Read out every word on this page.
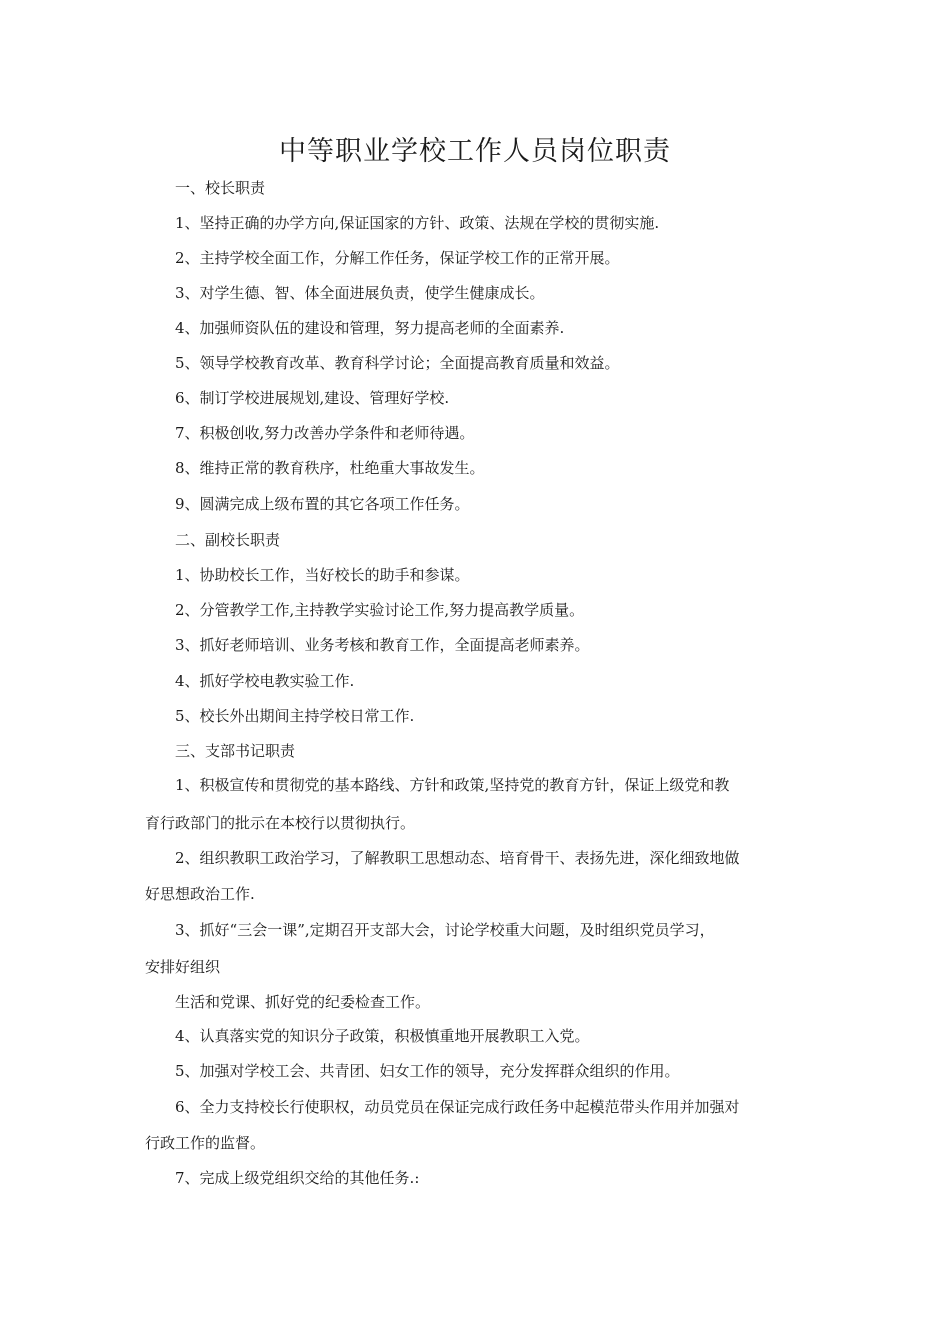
中等职业学校工作人员岗位职责
一、校长职责
1、坚持正确的办学方向,保证国家的方针、政策、法规在学校的贯彻实施.
2、主持学校全面工作，分解工作任务，保证学校工作的正常开展。
3、对学生德、智、体全面进展负责，使学生健康成长。
4、加强师资队伍的建设和管理，努力提高老师的全面素养.
5、领导学校教育改革、教育科学讨论；全面提高教育质量和效益。
6、制订学校进展规划,建设、管理好学校.
7、积极创收,努力改善办学条件和老师待遇。
8、维持正常的教育秩序，杜绝重大事故发生。
9、圆满完成上级布置的其它各项工作任务。
二、副校长职责
1、协助校长工作，当好校长的助手和参谋。
2、分管教学工作,主持教学实验讨论工作,努力提高教学质量。
3、抓好老师培训、业务考核和教育工作，全面提高老师素养。
4、抓好学校电教实验工作.
5、校长外出期间主持学校日常工作.
三、支部书记职责
1、积极宣传和贯彻党的基本路线、方针和政策,坚持党的教育方针，保证上级党和教
育行政部门的批示在本校行以贯彻执行。
2、组织教职工政治学习，了解教职工思想动态、培育骨干、表扬先进，深化细致地做
好思想政治工作.
3、抓好“三会一课”,定期召开支部大会，讨论学校重大问题，及时组织党员学习，
安排好组织
生活和党课、抓好党的纪委检查工作。
4、认真落实党的知识分子政策，积极慎重地开展教职工入党。
5、加强对学校工会、共青团、妇女工作的领导，充分发挥群众组织的作用。
6、全力支持校长行使职权，动员党员在保证完成行政任务中起模范带头作用并加强对
行政工作的监督。
7、完成上级党组织交给的其他任务.:
